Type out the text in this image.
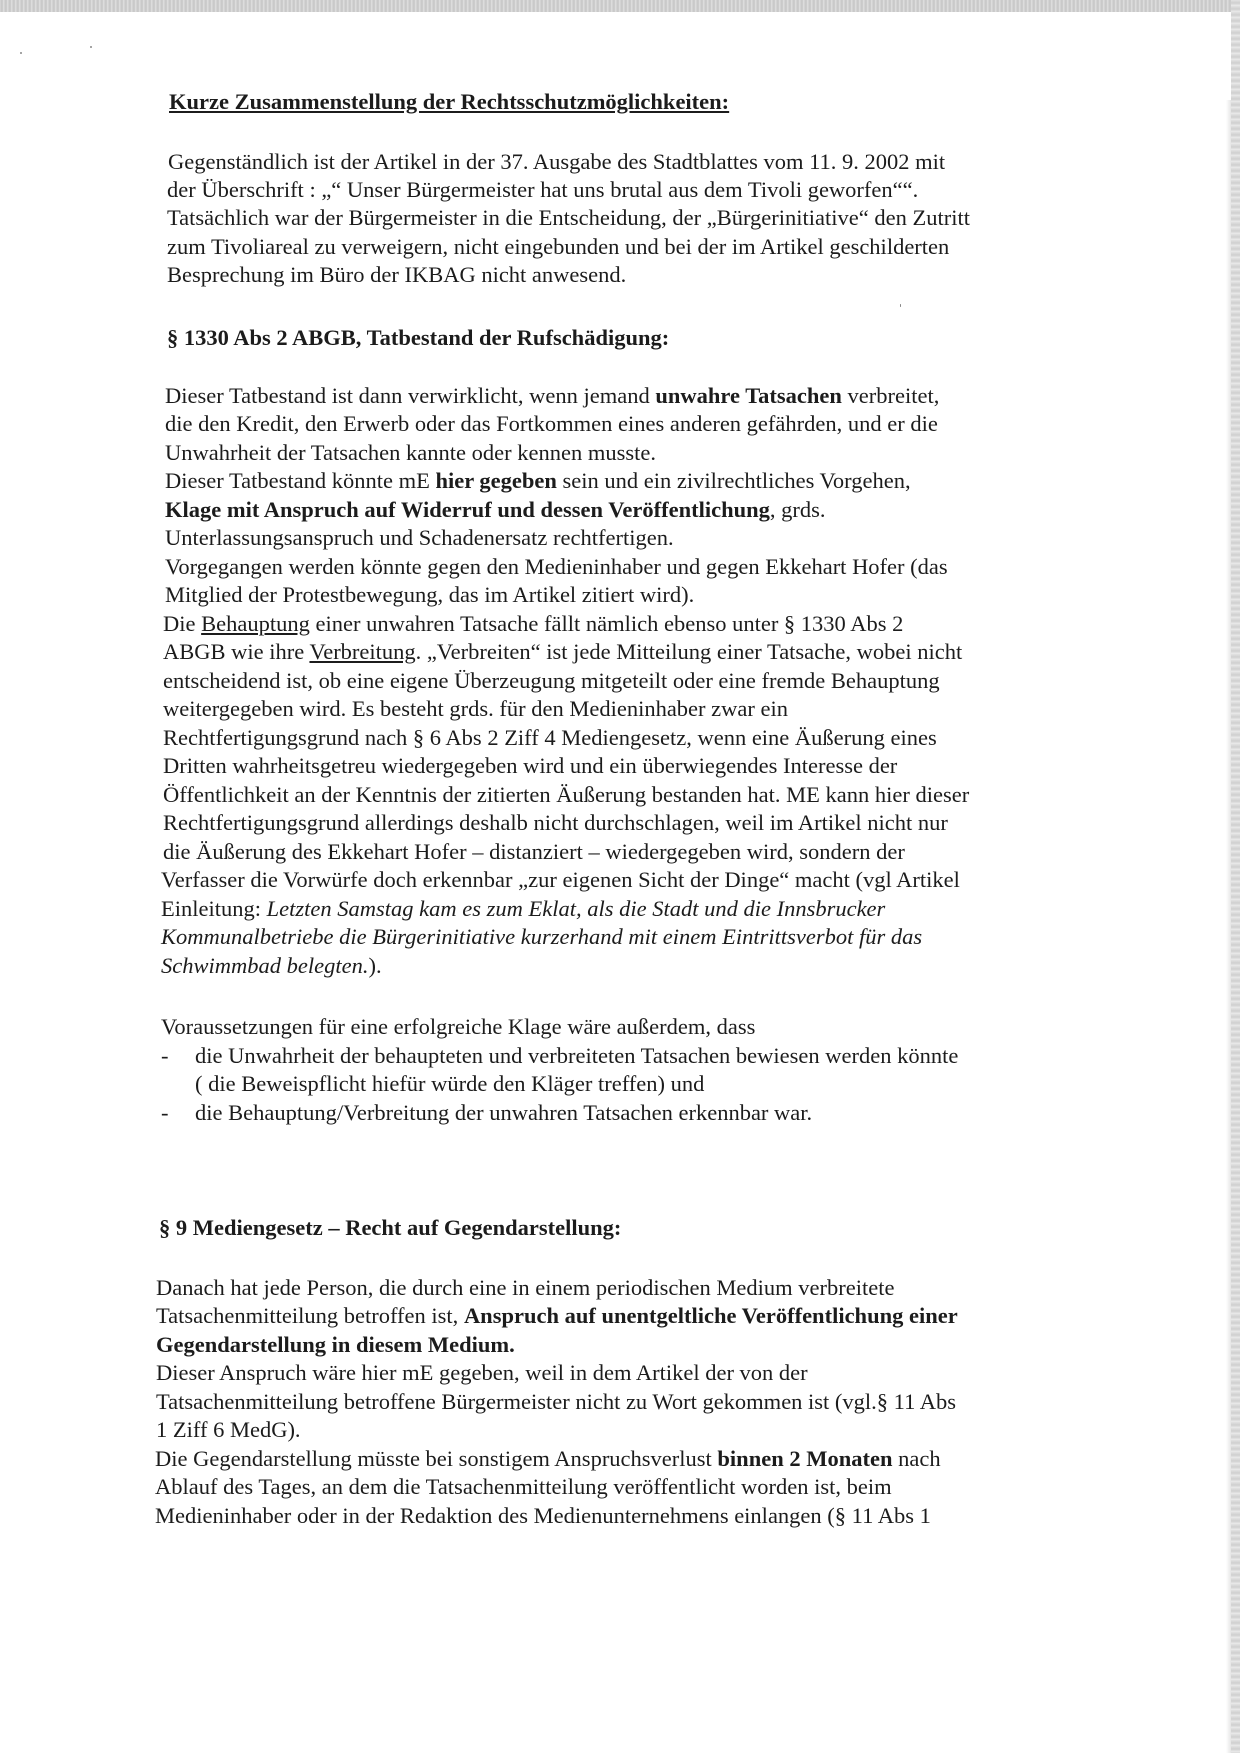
Kurze Zusammenstellung der Rechtsschutzmöglichkeiten:
Gegenständlich ist der Artikel in der 37. Ausgabe des Stadtblattes vom 11. 9. 2002 mit
der Überschrift : „“ Unser Bürgermeister hat uns brutal aus dem Tivoli geworfen““.
Tatsächlich war der Bürgermeister in die Entscheidung, der „Bürgerinitiative“ den Zutritt
zum Tivoliareal zu verweigern, nicht eingebunden und bei der im Artikel geschilderten
Besprechung im Büro der IKBAG nicht anwesend.
§ 1330 Abs 2 ABGB, Tatbestand der Rufschädigung:
Dieser Tatbestand ist dann verwirklicht, wenn jemand unwahre Tatsachen verbreitet,
die den Kredit, den Erwerb oder das Fortkommen eines anderen gefährden, und er die
Unwahrheit der Tatsachen kannte oder kennen musste.
Dieser Tatbestand könnte mE hier gegeben sein und ein zivilrechtliches Vorgehen,
Klage mit Anspruch auf Widerruf und dessen Veröffentlichung, grds.
Unterlassungsanspruch und Schadenersatz rechtfertigen.
Vorgegangen werden könnte gegen den Medieninhaber und gegen Ekkehart Hofer (das
Mitglied der Protestbewegung, das im Artikel zitiert wird).
Die Behauptung einer unwahren Tatsache fällt nämlich ebenso unter § 1330 Abs 2
ABGB wie ihre Verbreitung. „Verbreiten“ ist jede Mitteilung einer Tatsache, wobei nicht
entscheidend ist, ob eine eigene Überzeugung mitgeteilt oder eine fremde Behauptung
weitergegeben wird. Es besteht grds. für den Medieninhaber zwar ein
Rechtfertigungsgrund nach § 6 Abs 2 Ziff 4 Mediengesetz, wenn eine Äußerung eines
Dritten wahrheitsgetreu wiedergegeben wird und ein überwiegendes Interesse der
Öffentlichkeit an der Kenntnis der zitierten Äußerung bestanden hat. ME kann hier dieser
Rechtfertigungsgrund allerdings deshalb nicht durchschlagen, weil im Artikel nicht nur
die Äußerung des Ekkehart Hofer – distanziert – wiedergegeben wird, sondern der
Verfasser die Vorwürfe doch erkennbar „zur eigenen Sicht der Dinge“ macht (vgl Artikel
Einleitung: Letzten Samstag kam es zum Eklat, als die Stadt und die Innsbrucker
Kommunalbetriebe die Bürgerinitiative kurzerhand mit einem Eintrittsverbot für das
Schwimmbad belegten.).
Voraussetzungen für eine erfolgreiche Klage wäre außerdem, dass
- die Unwahrheit der behaupteten und verbreiteten Tatsachen bewiesen werden könnte
( die Beweispflicht hiefür würde den Kläger treffen) und
- die Behauptung/Verbreitung der unwahren Tatsachen erkennbar war.
§ 9 Mediengesetz – Recht auf Gegendarstellung:
Danach hat jede Person, die durch eine in einem periodischen Medium verbreitete
Tatsachenmitteilung betroffen ist, Anspruch auf unentgeltliche Veröffentlichung einer
Gegendarstellung in diesem Medium.
Dieser Anspruch wäre hier mE gegeben, weil in dem Artikel der von der
Tatsachenmitteilung betroffene Bürgermeister nicht zu Wort gekommen ist (vgl.§ 11 Abs
1 Ziff 6 MedG).
Die Gegendarstellung müsste bei sonstigem Anspruchsverlust binnen 2 Monaten nach
Ablauf des Tages, an dem die Tatsachenmitteilung veröffentlicht worden ist, beim
Medieninhaber oder in der Redaktion des Medienunternehmens einlangen (§ 11 Abs 1
